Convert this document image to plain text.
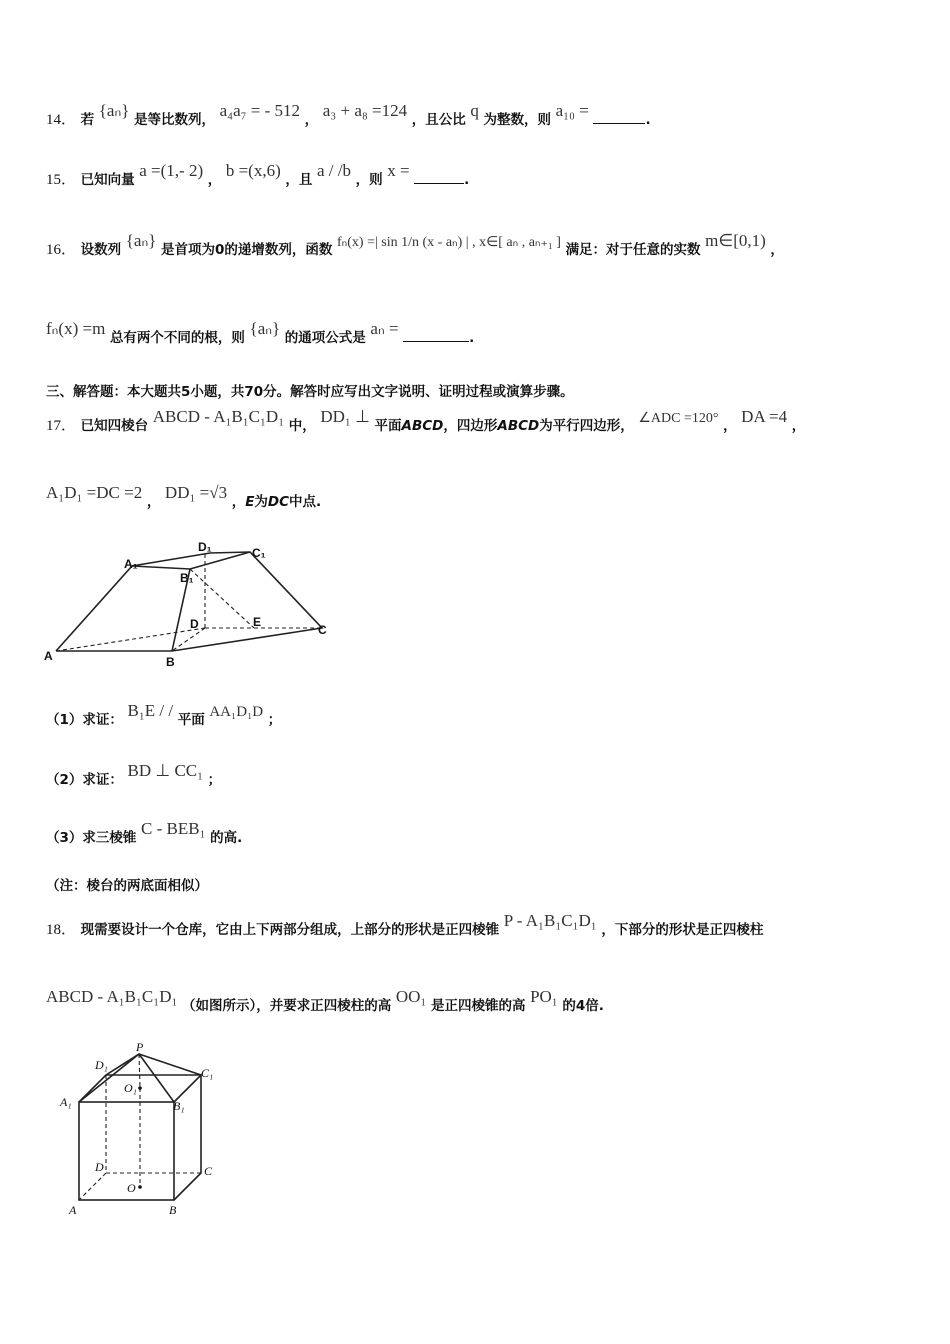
14． 若 {aₙ} 是等比数列， a₄a₇ = - 512 ， a₃ + a₈ =124 ，且公比 q 为整数，则 a₁₀ =	.
15． 已知向量 a =(1,- 2) ， b =(x,6) ，且 a / /b ，则 x =	.
16． 设数列 {aₙ} 是首项为0的递增数列，函数 fₙ(x) =| sin 1/n (x - aₙ) | , x∈[ aₙ , aₙ₊₁ ] 满足：对于任意的实数 m∈[0,1) ，
fₙ(x) =m 总有两个不同的根，则 {aₙ} 的通项公式是 aₙ =	.
三、解答题：本大题共5小题，共70分。解答时应写出文字说明、证明过程或演算步骤。
17． 已知四棱台 ABCD - A₁B₁C₁D₁ 中， DD₁ ⊥ 平面ABCD，四边形ABCD为平行四边形， ∠ADC =120° ， DA =4 ，
A₁D₁ =DC =2 ， DD₁ =√3 ，E为DC中点.
A	B
C
D	E
A₁
B₁
C₁
D₁
（1）求证： B₁E / / 平面 AA₁D₁D ；
（2）求证： BD ⊥ CC₁ ；
（3）求三棱锥 C - BEB₁ 的高.
（注：棱台的两底面相似）
18． 现需要设计一个仓库，它由上下两部分组成，上部分的形状是正四棱锥 P - A₁B₁C₁D₁ ，下部分的形状是正四棱柱
ABCD - A₁B₁C₁D₁ （如图所示），并要求正四棱柱的高 OO₁ 是正四棱锥的高 PO₁ 的4倍.
P
D₁
C₁
O₁
A₁	B₁
D	C
O
A	B
